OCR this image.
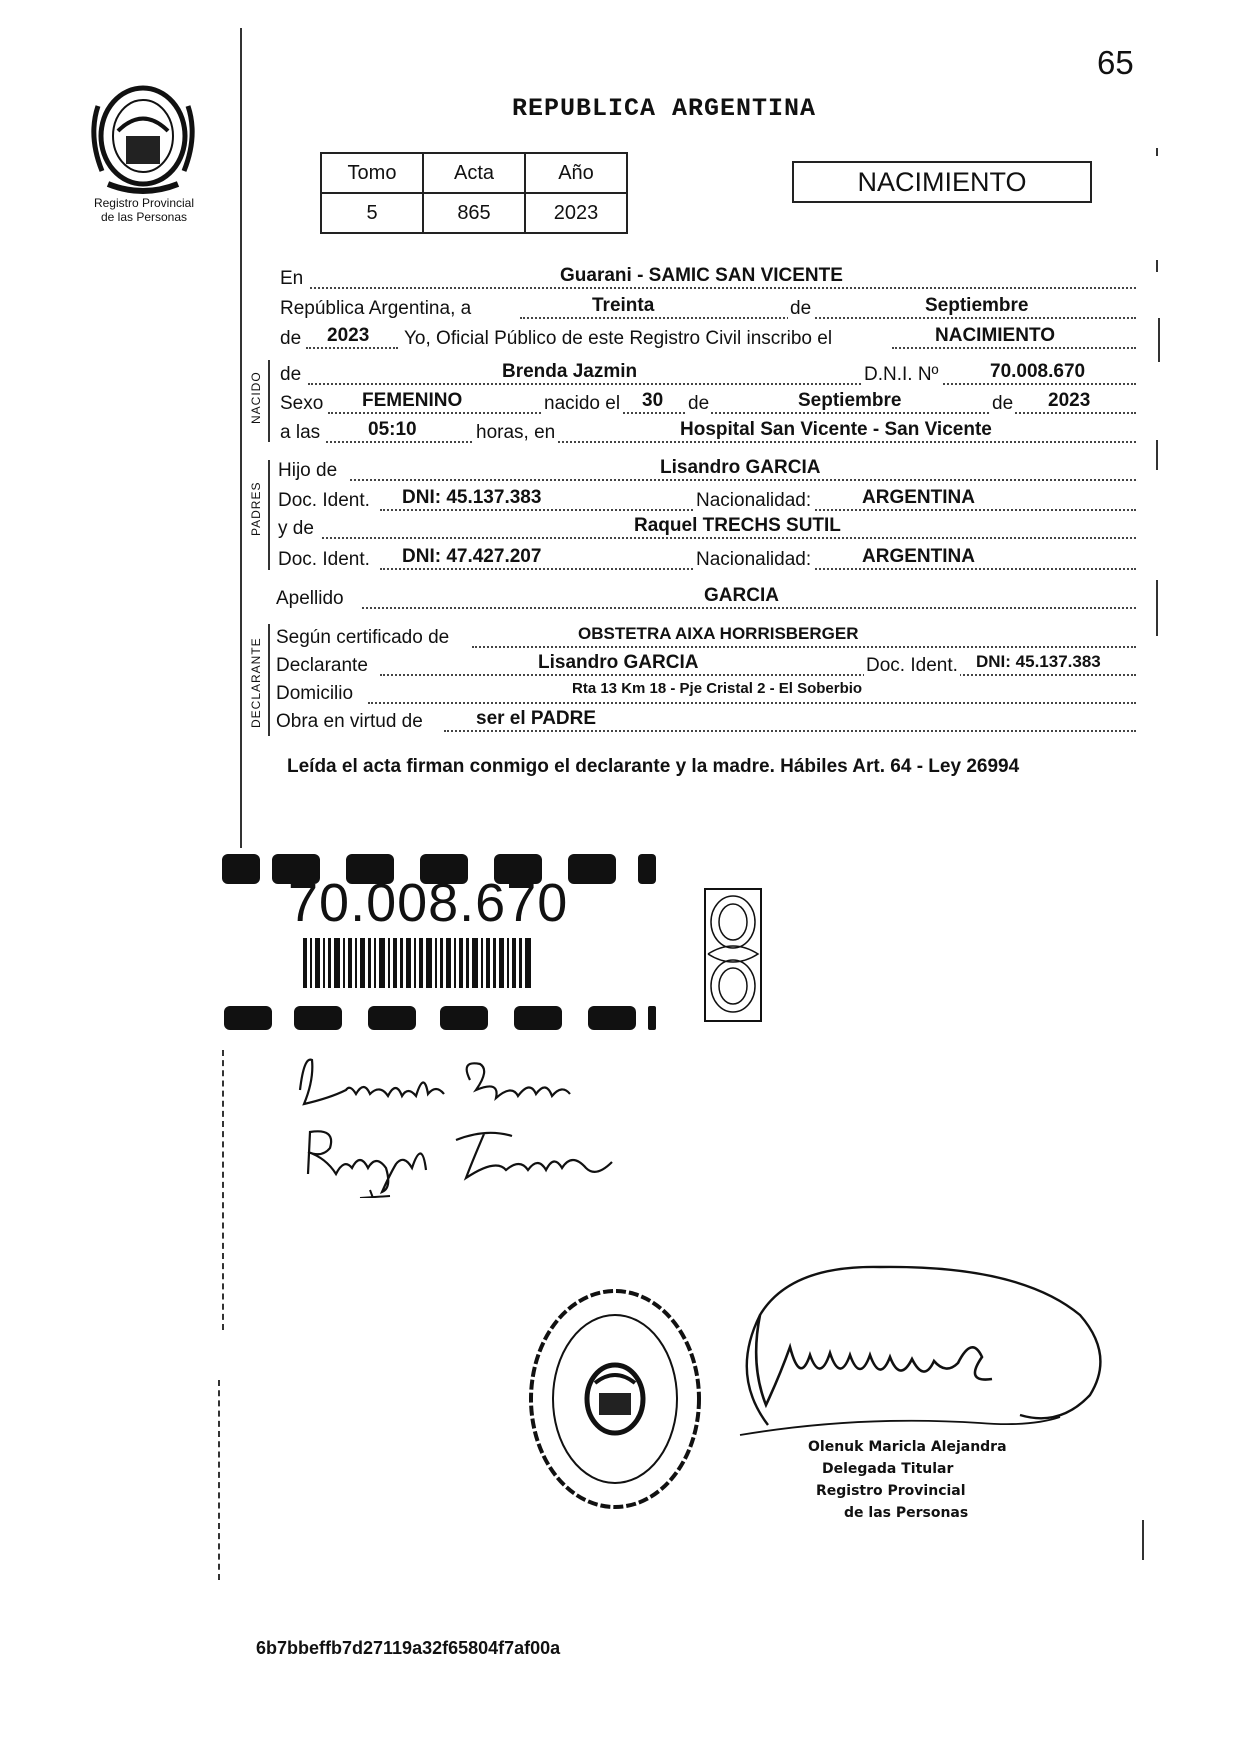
65
REPUBLICA ARGENTINA
Registro Provincial
de las Personas
Tomo	Acta	Año
5	865	2023
NACIMIENTO
En	Guarani - SAMIC SAN VICENTE
República Argentina, a	Treinta	de	Septiembre
de 2023 Yo, Oficial Público de este Registro Civil inscribo el	NACIMIENTO
de	Brenda Jazmin	D.N.I. Nº	70.008.670
Sexo FEMENINO	nacido el 30 de	Septiembre	de 2023
a las	05:10	horas, en	Hospital San Vicente - San Vicente
Hijo de	Lisandro GARCIA
Doc. Ident. DNI: 45.137.383	Nacionalidad:	ARGENTINA
y de	Raquel TRECHS SUTIL
Doc. Ident. DNI: 47.427.207	Nacionalidad:	ARGENTINA
Apellido	GARCIA
Según certificado de	OBSTETRA AIXA HORRISBERGER
Declarante	Lisandro GARCIA	Doc. Ident. DNI: 45.137.383
Domicilio	Rta 13 Km 18 - Pje Cristal 2 - El Soberbio
Obra en virtud de	ser el PADRE
NACIDO
PADRES
DECLARANTE
Leída el acta firman conmigo el declarante y la madre. Hábiles Art. 64 - Ley 26994
70.008.670
Olenuk Maricla Alejandra
Delegada Titular
Registro Provincial
de las Personas
6b7bbeffb7d27119a32f65804f7af00a
